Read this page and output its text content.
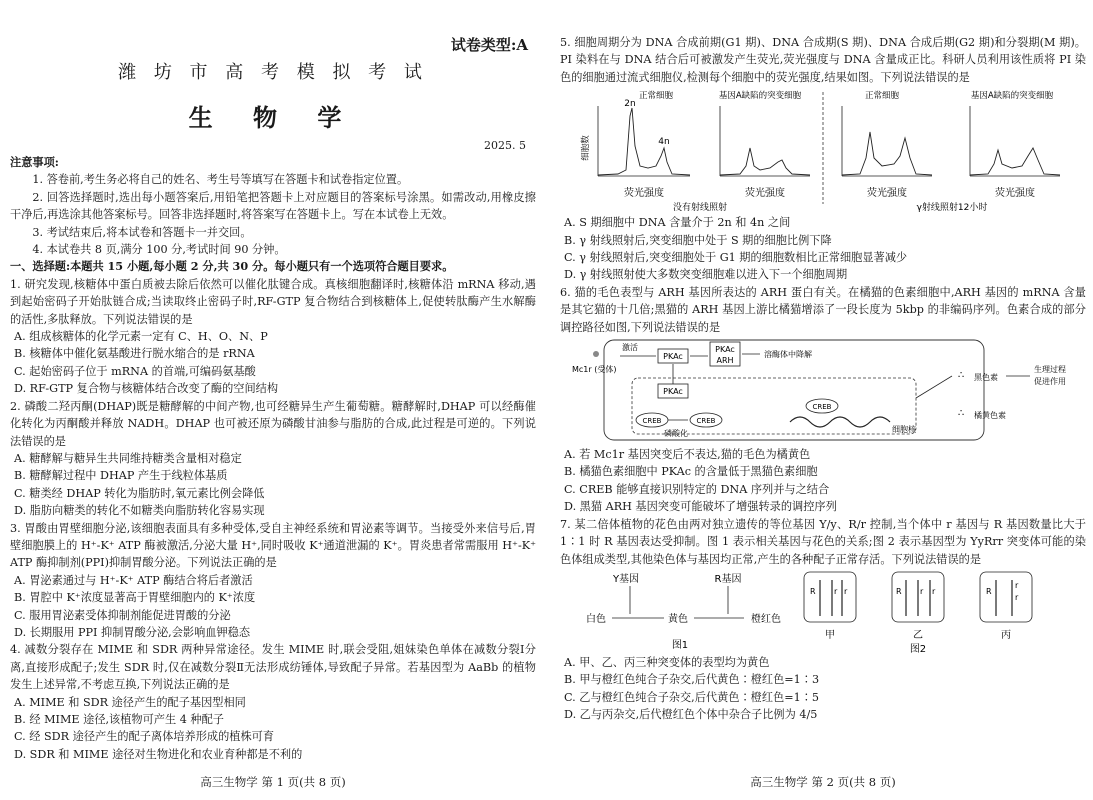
试卷类型:A
潍 坊 市 高 考 模 拟 考 试
生 物 学
2025. 5

注意事项:

1. 答卷前,考生务必将自己的姓名、考生号等填写在答题卡和试卷指定位置。

2. 回答选择题时,选出每小题答案后,用铅笔把答题卡上对应题目的答案标号涂黑。如需改动,用橡皮擦干净后,再选涂其他答案标号。回答非选择题时,将答案写在答题卡上。写在本试卷上无效。

3. 考试结束后,将本试卷和答题卡一并交回。

4. 本试卷共 8 页,满分 100 分,考试时间 90 分钟。

一、选择题:本题共 15 小题,每小题 2 分,共 30 分。每小题只有一个选项符合题目要求。

1. 研究发现,核糖体中蛋白质被去除后依然可以催化肽键合成。真核细胞翻译时,核糖体沿 mRNA 移动,遇到起始密码子开始肽链合成;当读取终止密码子时,RF-GTP 复合物结合到核糖体上,促使转肽酶产生水解酶的活性,多肽释放。下列说法错误的是

A. 组成核糖体的化学元素一定有 C、H、O、N、P

B. 核糖体中催化氨基酸进行脱水缩合的是 rRNA

C. 起始密码子位于 mRNA 的首端,可编码氨基酸

D. RF-GTP 复合物与核糖体结合改变了酶的空间结构

2. 磷酸二羟丙酮(DHAP)既是糖酵解的中间产物,也可经糖异生产生葡萄糖。糖酵解时,DHAP 可以经酶催化转化为丙酮酸并释放 NADH。DHAP 也可被还原为磷酸甘油参与脂肪的合成,此过程是可逆的。下列说法错误的是

A. 糖酵解与糖异生共同维持糖类含量相对稳定

B. 糖酵解过程中 DHAP 产生于线粒体基质

C. 糖类经 DHAP 转化为脂肪时,氧元素比例会降低

D. 脂肪向糖类的转化不如糖类向脂肪转化容易实现

3. 胃酸由胃壁细胞分泌,该细胞表面具有多种受体,受自主神经系统和胃泌素等调节。当接受外来信号后,胃壁细胞膜上的 H⁺-K⁺ ATP 酶被激活,分泌大量 H⁺,同时吸收 K⁺通道泄漏的 K⁺。胃炎患者常需服用 H⁺-K⁺ ATP 酶抑制剂(PPI)抑制胃酸分泌。下列说法正确的是

A. 胃泌素通过与 H⁺-K⁺ ATP 酶结合将后者激活

B. 胃腔中 K⁺浓度显著高于胃壁细胞内的 K⁺浓度

C. 服用胃泌素受体抑制剂能促进胃酸的分泌

D. 长期服用 PPI 抑制胃酸分泌,会影响血钾稳态

4. 减数分裂存在 MIME 和 SDR 两种异常途径。发生 MIME 时,联会受阻,姐妹染色单体在减数分裂Ⅰ分离,直接形成配子;发生 SDR 时,仅在减数分裂Ⅱ无法形成纺锤体,导致配子异常。若基因型为 AaBb 的植物发生上述异常,不考虑互换,下列说法正确的是

A. MIME 和 SDR 途径产生的配子基因型相同

B. 经 MIME 途径,该植物可产生 4 种配子

C. 经 SDR 途径产生的配子离体培养形成的植株可育

D. SDR 和 MIME 途径对生物进化和农业育种都是不利的

高三生物学 第 1 页(共 8 页)

5. 细胞周期分为 DNA 合成前期(G1 期)、DNA 合成期(S 期)、DNA 合成后期(G2 期)和分裂期(M 期)。PI 染料在与 DNA 结合后可被激发产生荧光,荧光强度与 DNA 含量成正比。科研人员利用该性质将 PI 染色的细胞通过流式细胞仪,检测每个细胞中的荧光强度,结果如图。下列说法错误的是

正常细胞
细胞数
2n
4n
荧光强度
基因A缺陷的突变细胞
荧光强度
正常细胞
荧光强度
基因A缺陷的突变细胞
荧光强度
没有射线照射	γ射线照射12小时

A. S 期细胞中 DNA 含量介于 2n 和 4n 之间

B. γ 射线照射后,突变细胞中处于 S 期的细胞比例下降

C. γ 射线照射后,突变细胞处于 G1 期的细胞数相比正常细胞显著减少

D. γ 射线照射使大多数突变细胞难以进入下一个细胞周期

6. 猫的毛色表型与 ARH 基因所表达的 ARH 蛋白有关。在橘猫的色素细胞中,ARH 基因的 mRNA 含量是其它猫的十几倍;黑猫的 ARH 基因上游比橘猫增添了一段长度为 5kbp 的非编码序列。色素合成的部分调控路径如图,下列说法错误的是

Mc1r (受体)
激活
PKAc
PKAc
ARH
溶酶体中降解
PKAc
CREB
磷酸化
CREB
CREB
细胞核
∴ 黑色素
∴ 橘黄色素
生理过程
促进作用

A. 若 Mc1r 基因突变后不表达,猫的毛色为橘黄色

B. 橘猫色素细胞中 PKAc 的含量低于黑猫色素细胞

C. CREB 能够直接识别特定的 DNA 序列并与之结合

D. 黑猫 ARH 基因突变可能破坏了增强转录的调控序列

7. 某二倍体植物的花色由两对独立遗传的等位基因 Y/y、R/r 控制,当个体中 r 基因与 R 基因数量比大于 1∶1 时 R 基因表达受抑制。图 1 表示相关基因与花色的关系;图 2 表示基因型为 YyRrr 突变体可能的染色体组成类型,其他染色体与基因均正常,产生的各种配子正常存活。下列说法错误的是

Y基因	R基因
白色	黄色	橙红色
图1
R r r
甲
R r r
乙
R
r
r
丙
图2

A. 甲、乙、丙三种突变体的表型均为黄色

B. 甲与橙红色纯合子杂交,后代黄色∶橙红色=1∶3

C. 乙与橙红色纯合子杂交,后代黄色∶橙红色=1∶5

D. 乙与丙杂交,后代橙红色个体中杂合子比例为 4/5

高三生物学 第 2 页(共 8 页)
